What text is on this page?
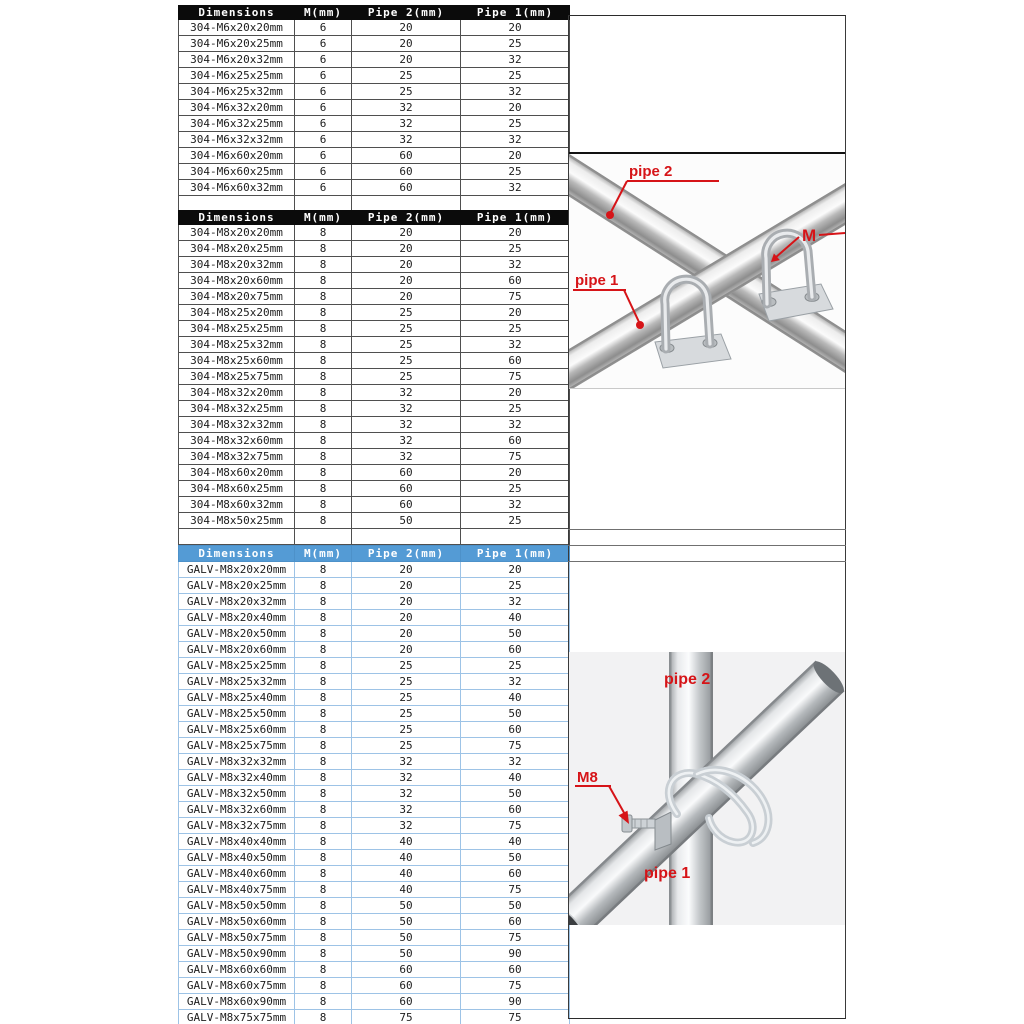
Dimensions	M(mm)	Pipe 2(mm)	Pipe 1(mm)
304-M6x20x20mm	6	20	20
304-M6x20x25mm	6	20	25
304-M6x20x32mm	6	20	32
304-M6x25x25mm	6	25	25
304-M6x25x32mm	6	25	32
304-M6x32x20mm	6	32	20
304-M6x32x25mm	6	32	25
304-M6x32x32mm	6	32	32
304-M6x60x20mm	6	60	20
304-M6x60x25mm	6	60	25
304-M6x60x32mm	6	60	32

Dimensions	M(mm)	Pipe 2(mm)	Pipe 1(mm)
304-M8x20x20mm	8	20	20
304-M8x20x25mm	8	20	25
304-M8x20x32mm	8	20	32
304-M8x20x60mm	8	20	60
304-M8x20x75mm	8	20	75
304-M8x25x20mm	8	25	20
304-M8x25x25mm	8	25	25
304-M8x25x32mm	8	25	32
304-M8x25x60mm	8	25	60
304-M8x25x75mm	8	25	75
304-M8x32x20mm	8	32	20
304-M8x32x25mm	8	32	25
304-M8x32x32mm	8	32	32
304-M8x32x60mm	8	32	60
304-M8x32x75mm	8	32	75
304-M8x60x20mm	8	60	20
304-M8x60x25mm	8	60	25
304-M8x60x32mm	8	60	32
304-M8x50x25mm	8	50	25

Dimensions	M(mm)	Pipe 2(mm)	Pipe 1(mm)
GALV-M8x20x20mm	8	20	20
GALV-M8x20x25mm	8	20	25
GALV-M8x20x32mm	8	20	32
GALV-M8x20x40mm	8	20	40
GALV-M8x20x50mm	8	20	50
GALV-M8x20x60mm	8	20	60
GALV-M8x25x25mm	8	25	25
GALV-M8x25x32mm	8	25	32
GALV-M8x25x40mm	8	25	40
GALV-M8x25x50mm	8	25	50
GALV-M8x25x60mm	8	25	60
GALV-M8x25x75mm	8	25	75
GALV-M8x32x32mm	8	32	32
GALV-M8x32x40mm	8	32	40
GALV-M8x32x50mm	8	32	50
GALV-M8x32x60mm	8	32	60
GALV-M8x32x75mm	8	32	75
GALV-M8x40x40mm	8	40	40
GALV-M8x40x50mm	8	40	50
GALV-M8x40x60mm	8	40	60
GALV-M8x40x75mm	8	40	75
GALV-M8x50x50mm	8	50	50
GALV-M8x50x60mm	8	50	60
GALV-M8x50x75mm	8	50	75
GALV-M8x50x90mm	8	50	90
GALV-M8x60x60mm	8	60	60
GALV-M8x60x75mm	8	60	75
GALV-M8x60x90mm	8	60	90
GALV-M8x75x75mm	8	75	75
pipe 2
M
pipe 1
pipe 2
M8
pipe 1
